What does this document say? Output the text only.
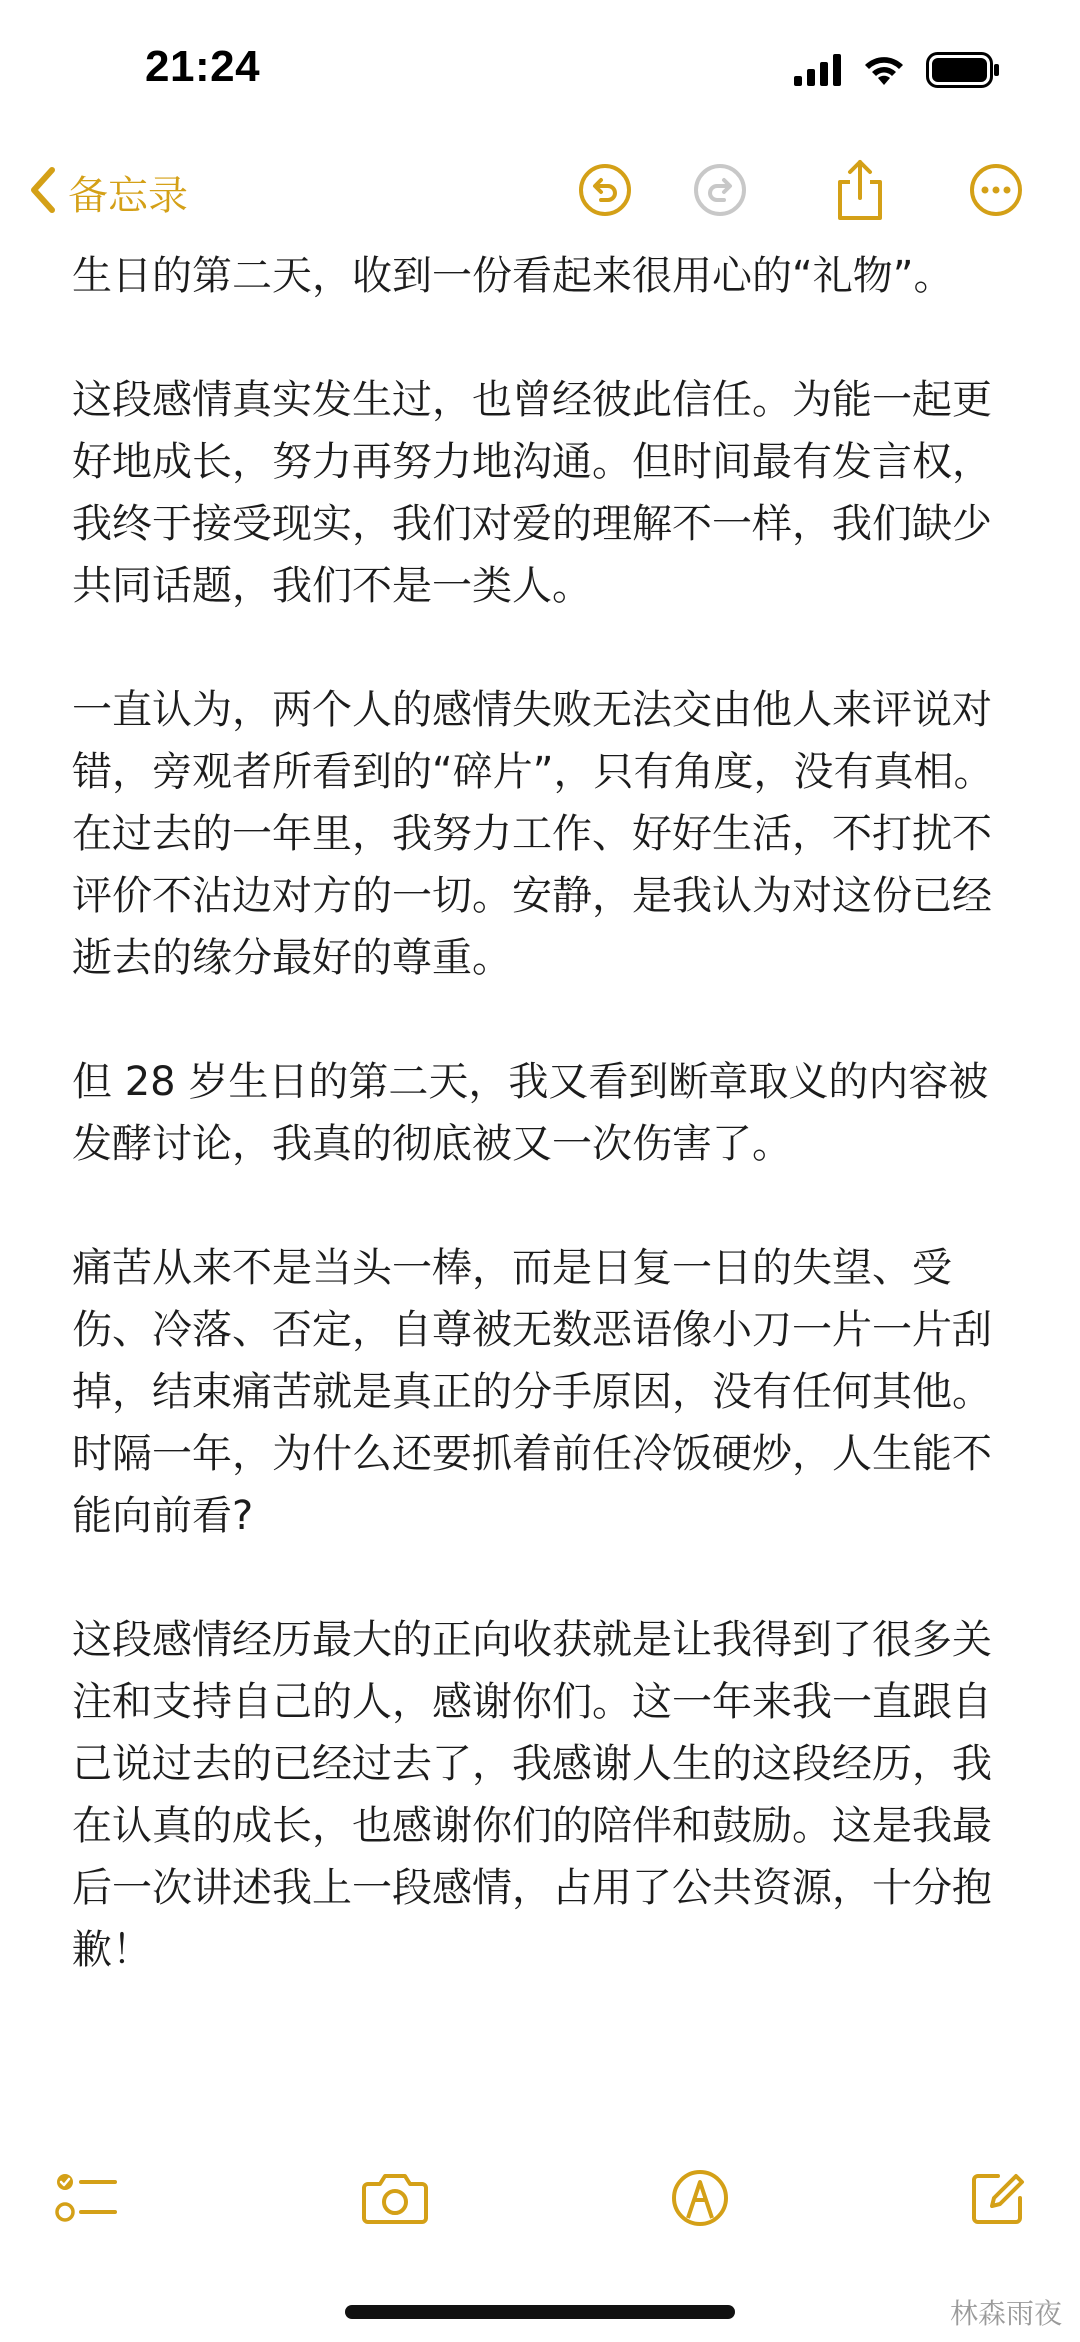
21:24
备忘录

生日的第二天，收到一份看起来很用心的“礼物”。

这段感情真实发生过，也曾经彼此信任。为能一起更好地成长，努力再努力地沟通。但时间最有发言权，我终于接受现实，我们对爱的理解不一样，我们缺少共同话题，我们不是一类人。

一直认为，两个人的感情失败无法交由他人来评说对错，旁观者所看到的“碎片”，只有角度，没有真相。 在过去的一年里，我努力工作、好好生活，不打扰不评价不沾边对方的一切。安静，是我认为对这份已经逝去的缘分最好的尊重。

但 28 岁生日的第二天，我又看到断章取义的内容被发酵讨论，我真的彻底被又一次伤害了。

痛苦从来不是当头一棒，而是日复一日的失望、受伤、冷落、否定，自尊被无数恶语像小刀一片一片刮掉，结束痛苦就是真正的分手原因，没有任何其他。时隔一年，为什么还要抓着前任冷饭硬炒，人生能不能向前看?

这段感情经历最大的正向收获就是让我得到了很多关注和支持自己的人，感谢你们。这一年来我一直跟自己说过去的已经过去了，我感谢人生的这段经历，我在认真的成长，也感谢你们的陪伴和鼓励。这是我最后一次讲述我上一段感情，占用了公共资源，十分抱歉！

林森雨夜
